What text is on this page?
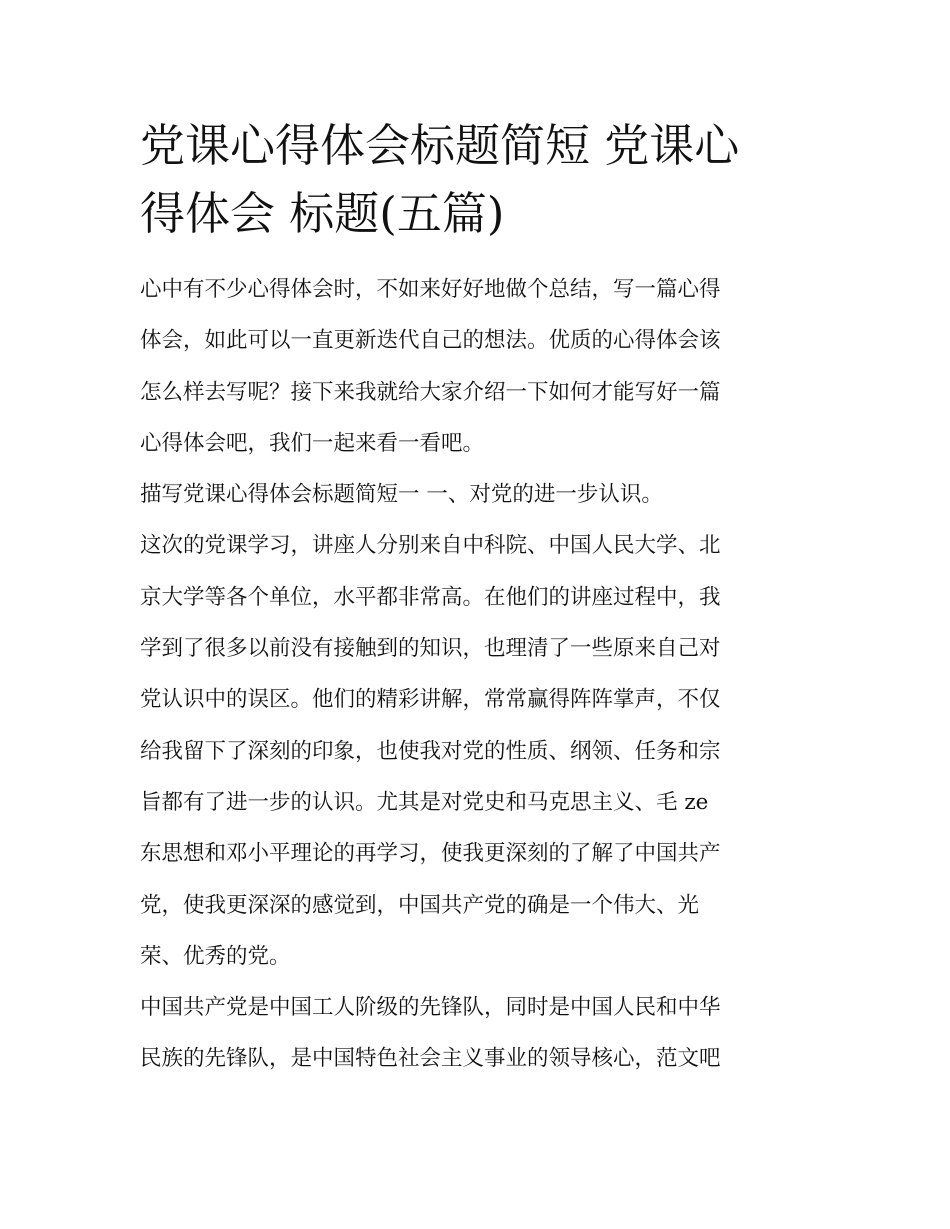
党课心得体会标题简短 党课心
得体会 标题(五篇)

心中有不少心得体会时，不如来好好地做个总结，写一篇心得
体会，如此可以一直更新迭代自己的想法。优质的心得体会该
怎么样去写呢？接下来我就给大家介绍一下如何才能写好一篇
心得体会吧，我们一起来看一看吧。

描写党课心得体会标题简短一 一、对党的进一步认识。

这次的党课学习，讲座人分别来自中科院、中国人民大学、北
京大学等各个单位，水平都非常高。在他们的讲座过程中，我
学到了很多以前没有接触到的知识，也理清了一些原来自己对
党认识中的误区。他们的精彩讲解，常常赢得阵阵掌声，不仅
给我留下了深刻的印象，也使我对党的性质、纲领、任务和宗
旨都有了进一步的认识。尤其是对党史和马克思主义、毛 ze
东思想和邓小平理论的再学习，使我更深刻的了解了中国共产
党，使我更深深的感觉到，中国共产党的确是一个伟大、光
荣、优秀的党。

中国共产党是中国工人阶级的先锋队，同时是中国人民和中华
民族的先锋队，是中国特色社会主义事业的领导核心，范文吧
